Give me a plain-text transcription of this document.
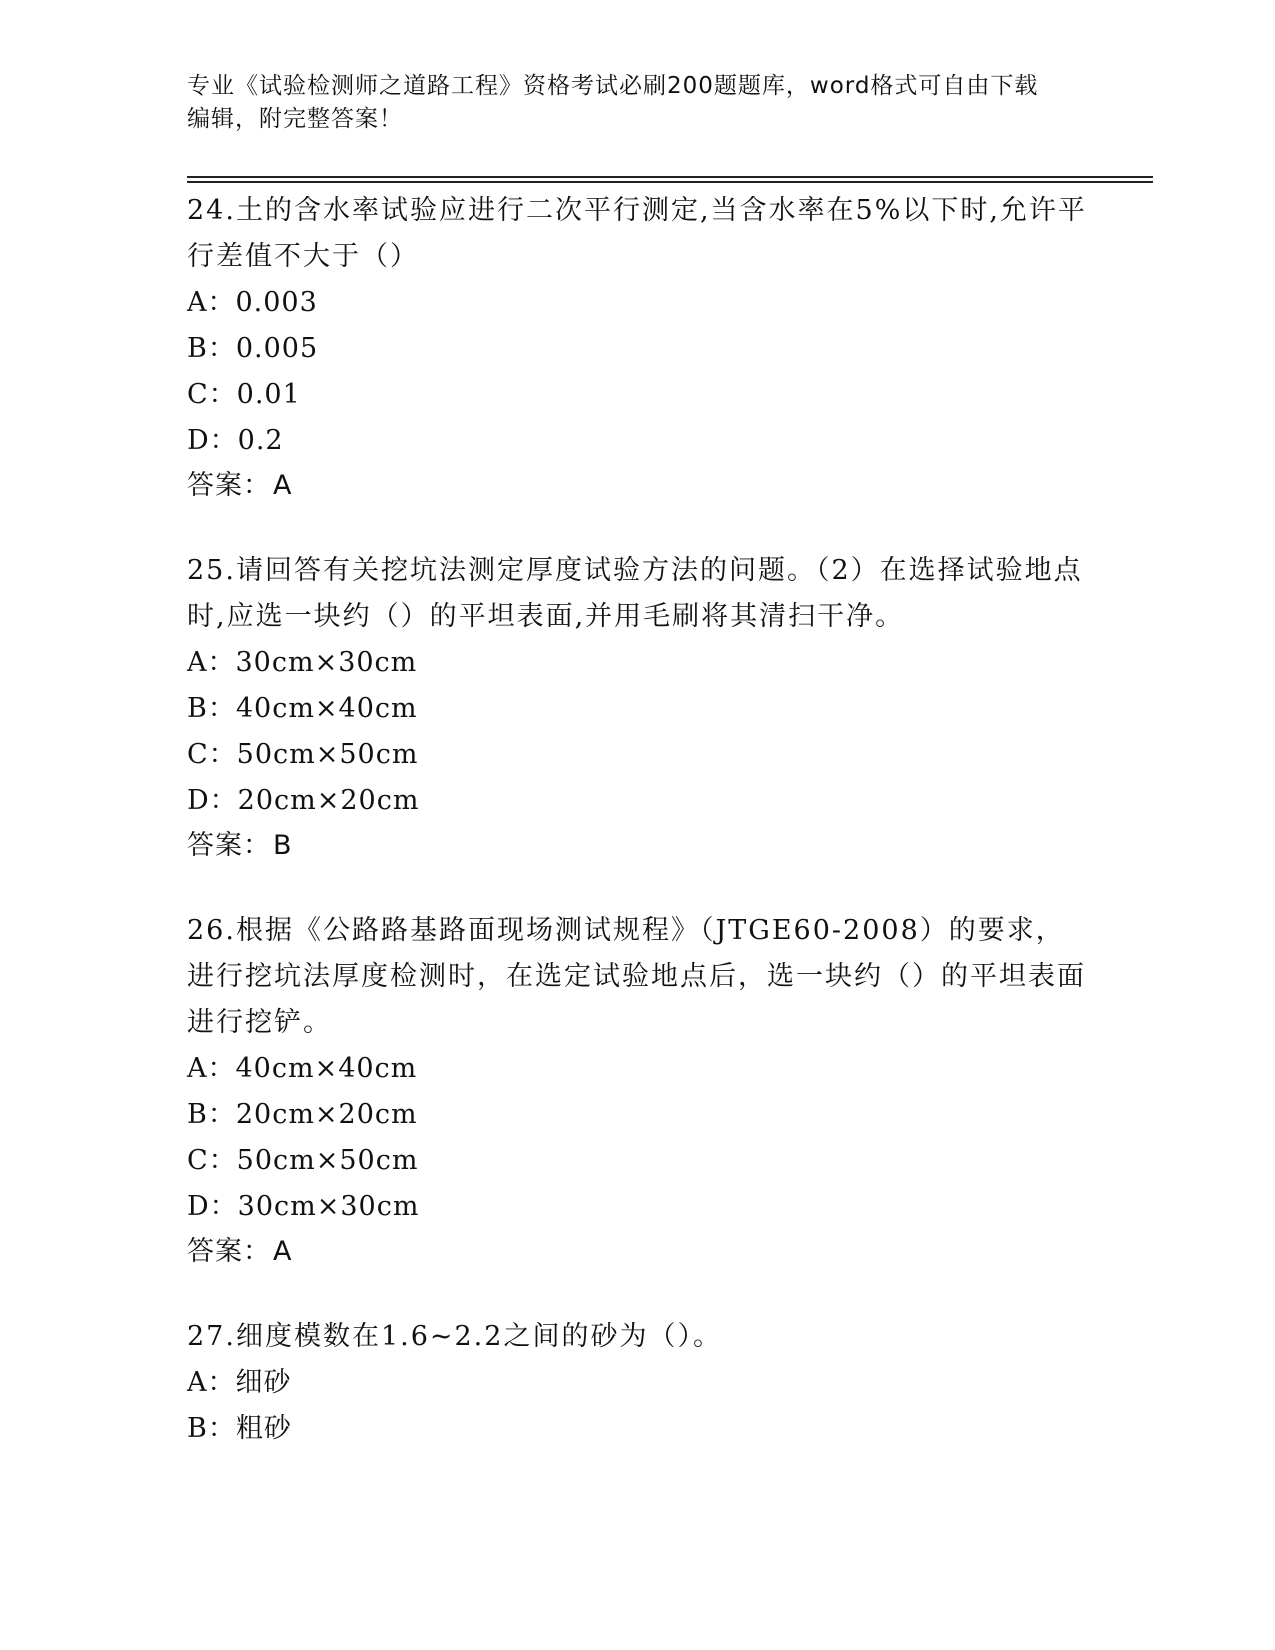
专业《试验检测师之道路工程》资格考试必刷200题题库，word格式可自由下载
编辑，附完整答案！

24.土的含水率试验应进行二次平行测定,当含水率在5%以下时,允许平行差值不大于（）

A：0.003

B：0.005

C：0.01

D：0.2

答案：A

25.请回答有关挖坑法测定厚度试验方法的问题。（2）在选择试验地点时,应选一块约（）的平坦表面,并用毛刷将其清扫干净。

A：30cm×30cm

B：40cm×40cm

C：50cm×50cm

D：20cm×20cm

答案：B

26.根据《公路路基路面现场测试规程》（JTGE60-2008）的要求，进行挖坑法厚度检测时，在选定试验地点后，选一块约（）的平坦表面进行挖铲。

A：40cm×40cm

B：20cm×20cm

C：50cm×50cm

D：30cm×30cm

答案：A

27.细度模数在1.6~2.2之间的砂为（）。

A：细砂

B：粗砂
